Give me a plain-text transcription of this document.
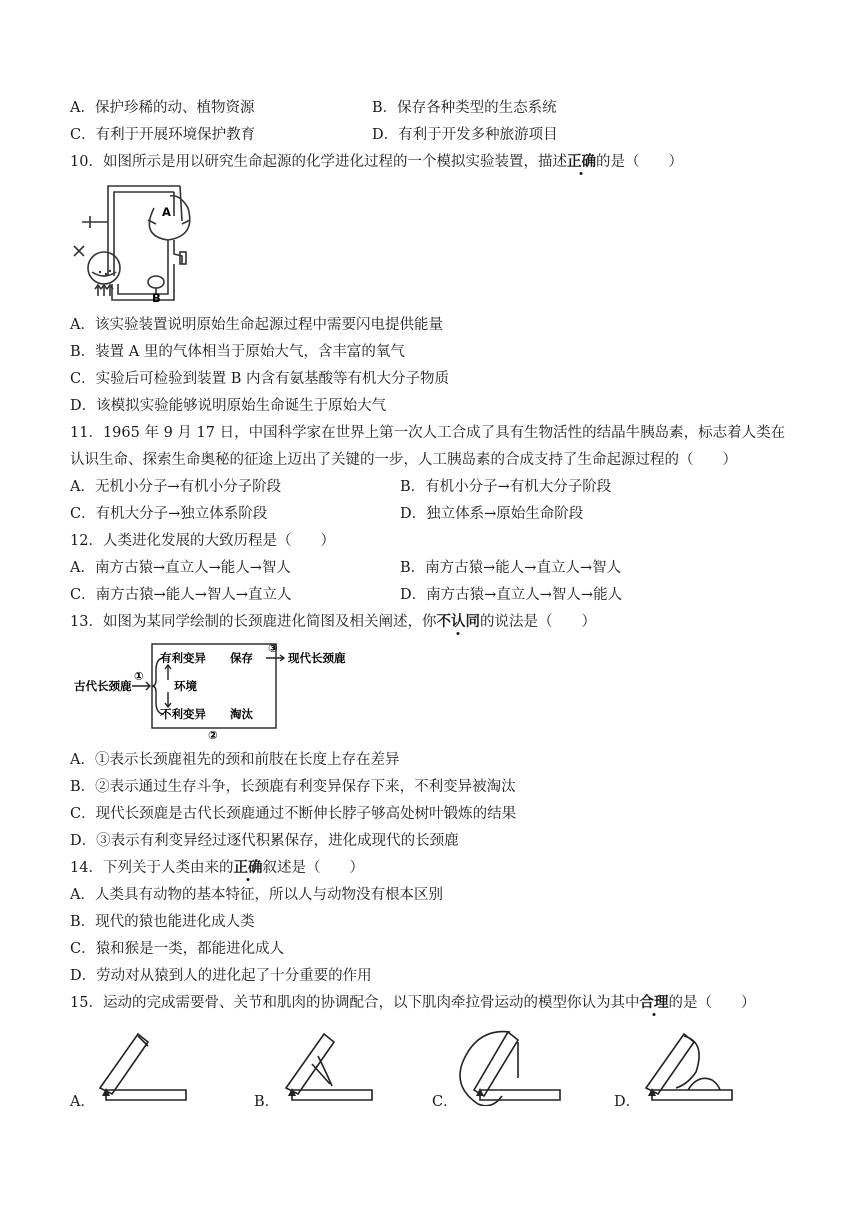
A．保护珍稀的动、植物资源	B．保存各种类型的生态系统
C．有利于开展环境保护教育	D．有利于开发多种旅游项目
10．如图所示是用以研究生命起源的化学进化过程的一个模拟实验装置，描述正确的是（　　）
A
B
A．该实验装置说明原始生命起源过程中需要闪电提供能量
B．装置 A 里的气体相当于原始大气，含丰富的氧气
C．实验后可检验到装置 B 内含有氨基酸等有机大分子物质
D．该模拟实验能够说明原始生命诞生于原始大气
11．1965 年 9 月 17 日，中国科学家在世界上第一次人工合成了具有生物活性的结晶牛胰岛素，标志着人类在
认识生命、探索生命奥秘的征途上迈出了关键的一步，人工胰岛素的合成支持了生命起源过程的（　　）
A．无机小分子→有机小分子阶段	B．有机小分子→有机大分子阶段
C．有机大分子→独立体系阶段	D．独立体系→原始生命阶段
12．人类进化发展的大致历程是（　　）
A．南方古猿→直立人→能人→智人	B．南方古猿→能人→直立人→智人
C．南方古猿→能人→智人→直立人	D．南方古猿→直立人→智人→能人
13．如图为某同学绘制的长颈鹿进化简图及相关阐述，你不认同的说法是（　　）
古代长颈鹿
①
有利变异
环境
不利变异
保存
淘汰
③
现代长颈鹿
②
A．①表示长颈鹿祖先的颈和前肢在长度上存在差异
B．②表示通过生存斗争，长颈鹿有利变异保存下来，不利变异被淘汰
C．现代长颈鹿是古代长颈鹿通过不断伸长脖子够高处树叶锻炼的结果
D．③表示有利变异经过逐代积累保存，进化成现代的长颈鹿
14．下列关于人类由来的正确叙述是（　　）
A．人类具有动物的基本特征，所以人与动物没有根本区别
B．现代的猿也能进化成人类
C．猿和猴是一类，都能进化成人
D．劳动对从猿到人的进化起了十分重要的作用
15．运动的完成需要骨、关节和肌肉的协调配合，以下肌肉牵拉骨运动的模型你认为其中合理的是（　　）
A．	B．	C．	D．
